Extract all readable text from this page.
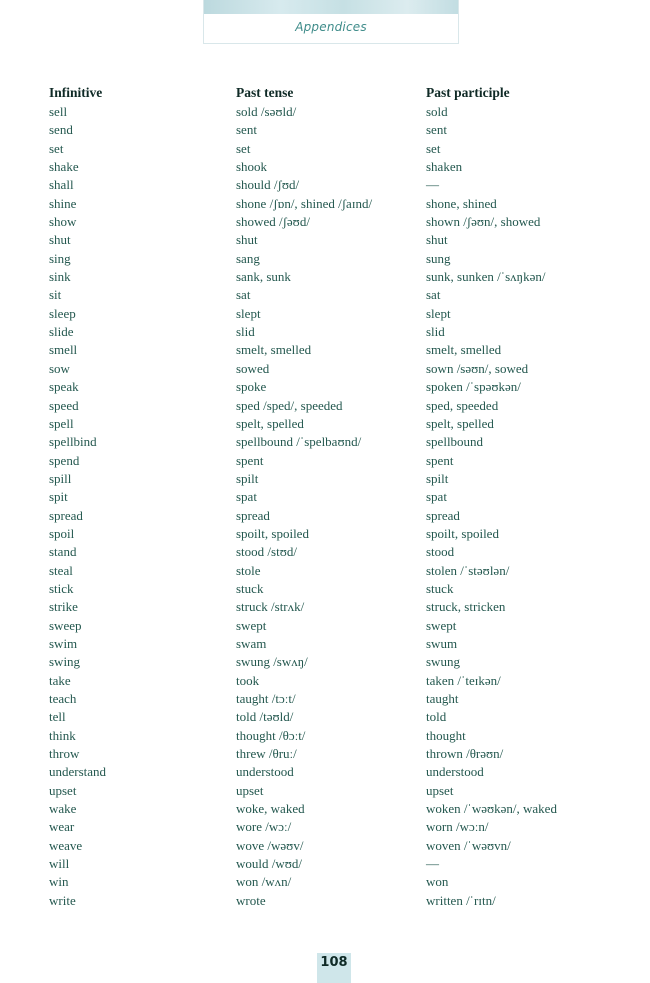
Appendices
Infinitive
sell
send
set
shake
shall
shine
show
shut
sing
sink
sit
sleep
slide
smell
sow
speak
speed
spell
spellbind
spend
spill
spit
spread
spoil
stand
steal
stick
strike
sweep
swim
swing
take
teach
tell
think
throw
understand
upset
wake
wear
weave
will
win
write
Past tense
sold /səʊld/
sent
set
shook
should /ʃʊd/
shone /ʃɒn/, shined /ʃaɪnd/
showed /ʃəʊd/
shut
sang
sank, sunk
sat
slept
slid
smelt, smelled
sowed
spoke
sped /sped/, speeded
spelt, spelled
spellbound /ˈspelbaʊnd/
spent
spilt
spat
spread
spoilt, spoiled
stood /stʊd/
stole
stuck
struck /strʌk/
swept
swam
swung /swʌŋ/
took
taught /tɔːt/
told /təʊld/
thought /θɔːt/
threw /θruː/
understood
upset
woke, waked
wore /wɔː/
wove /wəʊv/
would /wʊd/
won /wʌn/
wrote
Past participle
sold
sent
set
shaken
—
shone, shined
shown /ʃəʊn/, showed
shut
sung
sunk, sunken /ˈsʌŋkən/
sat
slept
slid
smelt, smelled
sown /səʊn/, sowed
spoken /ˈspəʊkən/
sped, speeded
spelt, spelled
spellbound
spent
spilt
spat
spread
spoilt, spoiled
stood
stolen /ˈstəʊlən/
stuck
struck, stricken
swept
swum
swung
taken /ˈteɪkən/
taught
told
thought
thrown /θrəʊn/
understood
upset
woken /ˈwəʊkən/, waked
worn /wɔːn/
woven /ˈwəʊvn/
—
won
written /ˈrɪtn/
108
